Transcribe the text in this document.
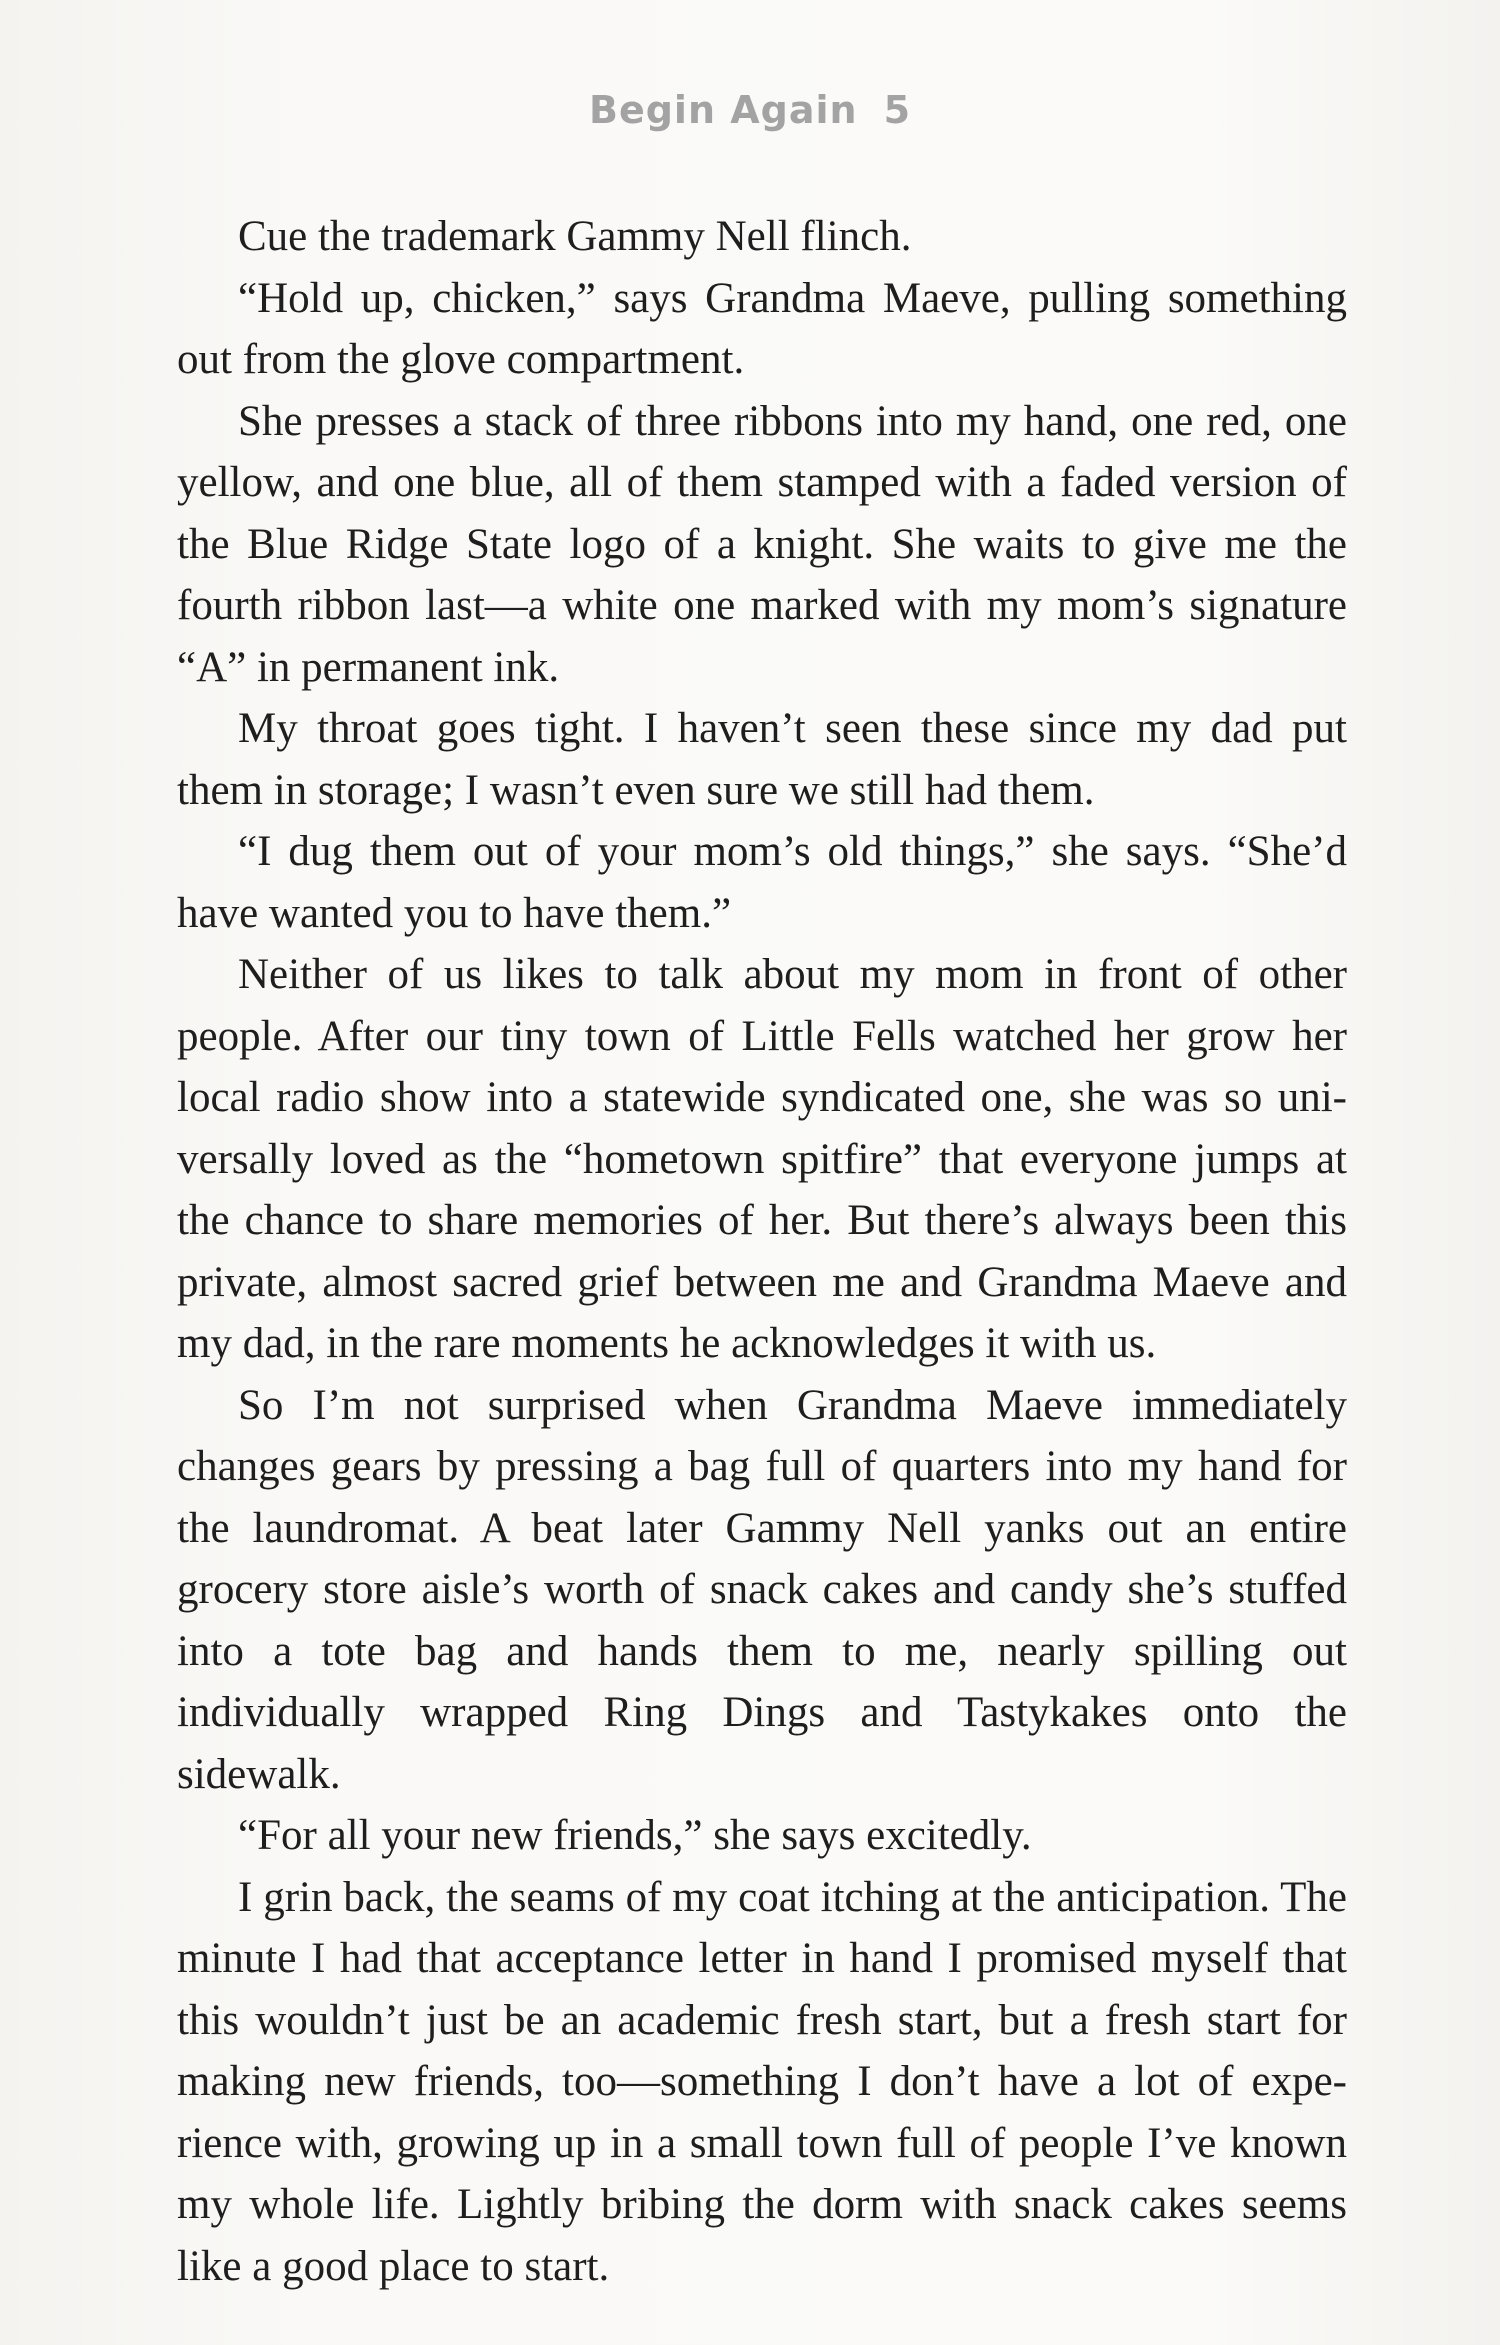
Begin Again 5

Cue the trademark Gammy Nell flinch.

“Hold up, chicken,” says Grandma Maeve, pulling something out from the glove compartment.

She presses a stack of three ribbons into my hand, one red, one yellow, and one blue, all of them stamped with a faded version of the Blue Ridge State logo of a knight. She waits to give me the fourth ribbon last—a white one marked with my mom’s signature “A” in permanent ink.

My throat goes tight. I haven’t seen these since my dad put them in storage; I wasn’t even sure we still had them.

“I dug them out of your mom’s old things,” she says. “She’d have wanted you to have them.”

Neither of us likes to talk about my mom in front of other people. After our tiny town of Little Fells watched her grow her local radio show into a statewide syndicated one, she was so universally loved as the “hometown spitfire” that everyone jumps at the chance to share memories of her. But there’s always been this private, almost sacred grief between me and Grandma Maeve and my dad, in the rare moments he acknowledges it with us.

So I’m not surprised when Grandma Maeve immediately changes gears by pressing a bag full of quarters into my hand for the laundromat. A beat later Gammy Nell yanks out an entire grocery store aisle’s worth of snack cakes and candy she’s stuffed into a tote bag and hands them to me, nearly spilling out individually wrapped Ring Dings and Tastykakes onto the sidewalk.

“For all your new friends,” she says excitedly.

I grin back, the seams of my coat itching at the anticipation. The minute I had that acceptance letter in hand I promised myself that this wouldn’t just be an academic fresh start, but a fresh start for making new friends, too—something I don’t have a lot of experience with, growing up in a small town full of people I’ve known my whole life. Lightly bribing the dorm with snack cakes seems like a good place to start.
